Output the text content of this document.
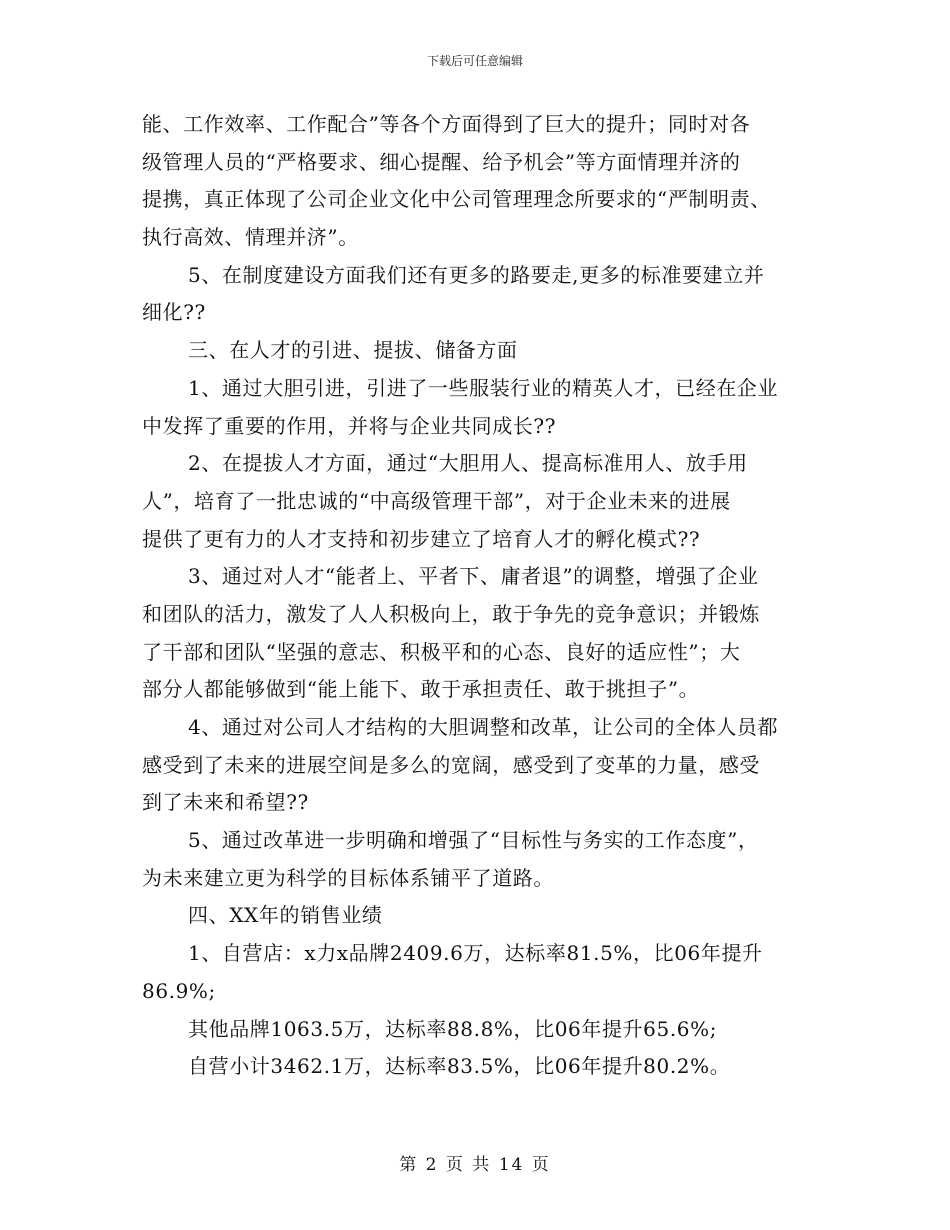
下载后可任意编辑
能、工作效率、工作配合”等各个方面得到了巨大的提升；同时对各
级管理人员的“严格要求、细心提醒、给予机会”等方面情理并济的
提携，真正体现了公司企业文化中公司管理理念所要求的“严制明责、
执行高效、情理并济”。
5、在制度建设方面我们还有更多的路要走,更多的标准要建立并
细化??
三、在人才的引进、提拔、储备方面
1、通过大胆引进，引进了一些服装行业的精英人才，已经在企业
中发挥了重要的作用，并将与企业共同成长??
2、在提拔人才方面，通过“大胆用人、提高标准用人、放手用
人”，培育了一批忠诚的“中高级管理干部”，对于企业未来的进展
提供了更有力的人才支持和初步建立了培育人才的孵化模式??
3、通过对人才“能者上、平者下、庸者退”的调整，增强了企业
和团队的活力，激发了人人积极向上，敢于争先的竞争意识；并锻炼
了干部和团队“坚强的意志、积极平和的心态、良好的适应性”；大
部分人都能够做到“能上能下、敢于承担责任、敢于挑担子”。
4、通过对公司人才结构的大胆调整和改革，让公司的全体人员都
感受到了未来的进展空间是多么的宽阔，感受到了变革的力量，感受
到了未来和希望??
5、通过改革进一步明确和增强了“目标性与务实的工作态度”，
为未来建立更为科学的目标体系铺平了道路。
四、XX年的销售业绩
1、自营店：x力x品牌2409.6万，达标率81.5%，比06年提升
86.9%;
其他品牌1063.5万，达标率88.8%，比06年提升65.6%;
自营小计3462.1万，达标率83.5%，比06年提升80.2%。
第 2 页 共 14 页
